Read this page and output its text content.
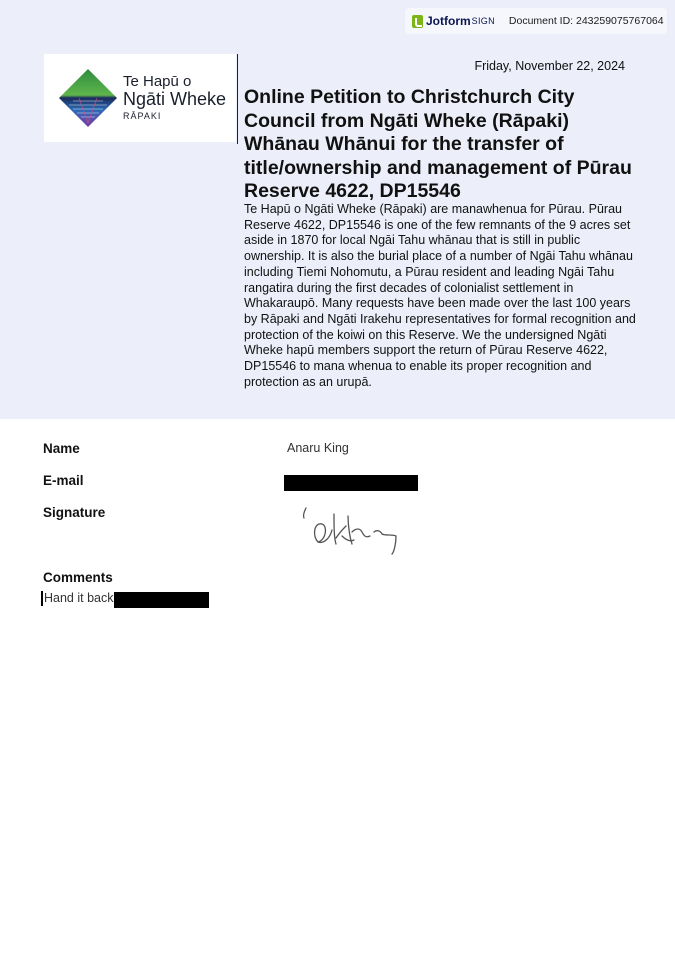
Jotform SIGN Document ID: 243259075767064
Te Hapū o
Ngāti Wheke
RĀPAKI
Friday, November 22, 2024
Online Petition to Christchurch City Council from Ngāti Wheke (Rāpaki) Whānau Whānui for the transfer of title/ownership and management of Pūrau Reserve 4622, DP15546

Te Hapū o Ngāti Wheke (Rāpaki) are manawhenua for Pūrau. Pūrau Reserve 4622, DP15546 is one of the few remnants of the 9 acres set aside in 1870 for local Ngāi Tahu whānau that is still in public ownership. It is also the burial place of a number of Ngāi Tahu whānau including Tiemi Nohomutu, a Pūrau resident and leading Ngāi Tahu rangatira during the first decades of colonialist settlement in Whakaraupō. Many requests have been made over the last 100 years by Rāpaki and Ngāti Irakehu representatives for formal recognition and protection of the koiwi on this Reserve. We the undersigned Ngāti Wheke hapū members support the return of Pūrau Reserve 4622, DP15546 to mana whenua to enable its proper recognition and protection as an urupā.

Name	Anaru King
E-mail
Signature
Comments
Hand it back
